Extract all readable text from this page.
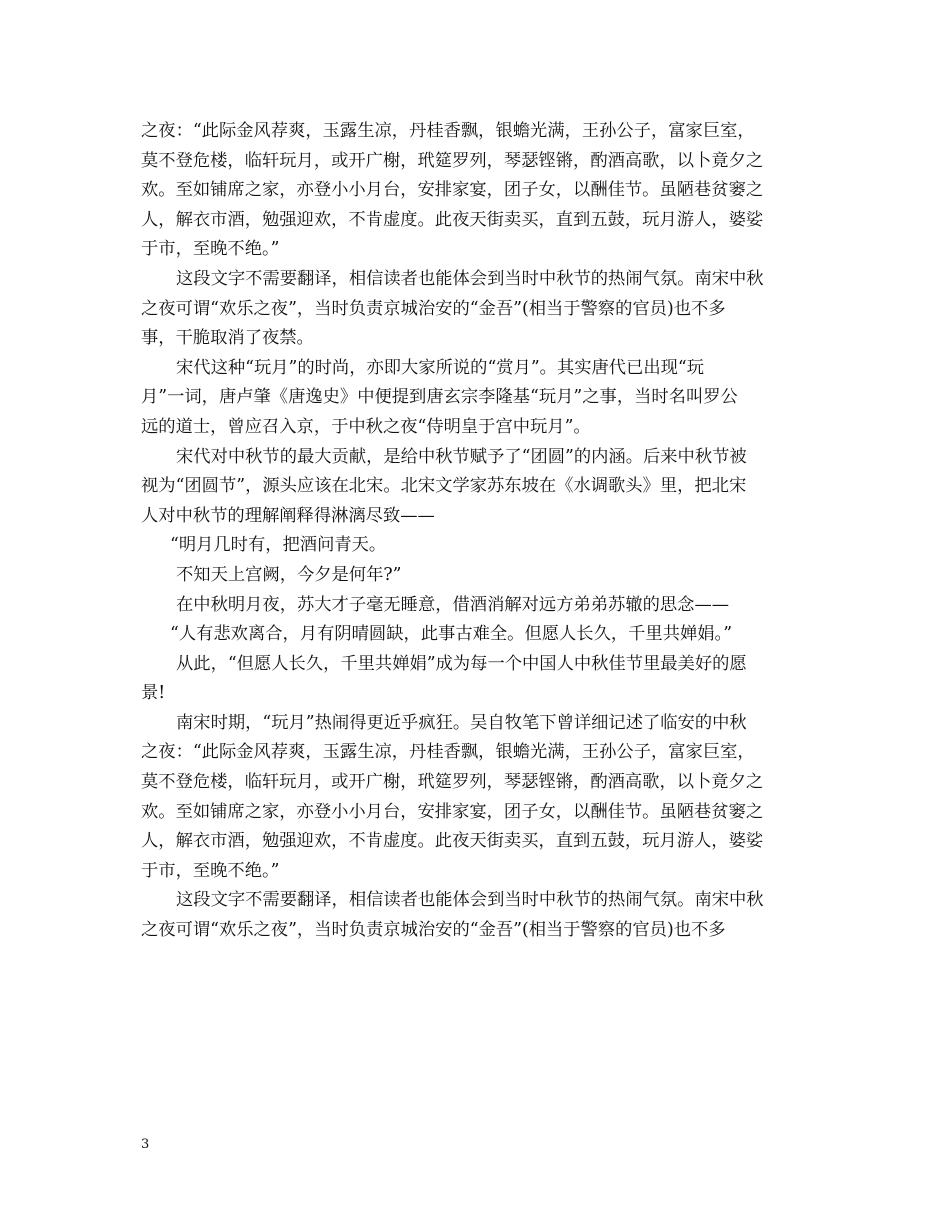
之夜：“此际金风荐爽，玉露生凉，丹桂香飘，银蟾光满，王孙公子，富家巨室，
莫不登危楼，临轩玩月，或开广榭，玳筵罗列，琴瑟铿锵，酌酒高歌，以卜竟夕之
欢。至如铺席之家，亦登小小月台，安排家宴，团子女，以酬佳节。虽陋巷贫窭之
人，解衣市酒，勉强迎欢，不肯虚度。此夜天街卖买，直到五鼓，玩月游人，婆娑
于市，至晚不绝。”
这段文字不需要翻译，相信读者也能体会到当时中秋节的热闹气氛。南宋中秋
之夜可谓“欢乐之夜”，当时负责京城治安的“金吾”(相当于警察的官员)也不多
事，干脆取消了夜禁。
宋代这种“玩月”的时尚，亦即大家所说的“赏月”。其实唐代已出现“玩
月”一词，唐卢肇《唐逸史》中便提到唐玄宗李隆基“玩月”之事，当时名叫罗公
远的道士，曾应召入京，于中秋之夜“侍明皇于宫中玩月”。
宋代对中秋节的最大贡献，是给中秋节赋予了“团圆”的内涵。后来中秋节被
视为“团圆节”，源头应该在北宋。北宋文学家苏东坡在《水调歌头》里，把北宋
人对中秋节的理解阐释得淋漓尽致——
“明月几时有，把酒问青天。
不知天上宫阙，今夕是何年?”
在中秋明月夜，苏大才子毫无睡意，借酒消解对远方弟弟苏辙的思念——
“人有悲欢离合，月有阴晴圆缺，此事古难全。但愿人长久，千里共婵娟。”
从此，“但愿人长久，千里共婵娟”成为每一个中国人中秋佳节里最美好的愿
景!
南宋时期，“玩月”热闹得更近乎疯狂。吴自牧笔下曾详细记述了临安的中秋
之夜：“此际金风荐爽，玉露生凉，丹桂香飘，银蟾光满，王孙公子，富家巨室，
莫不登危楼，临轩玩月，或开广榭，玳筵罗列，琴瑟铿锵，酌酒高歌，以卜竟夕之
欢。至如铺席之家，亦登小小月台，安排家宴，团子女，以酬佳节。虽陋巷贫窭之
人，解衣市酒，勉强迎欢，不肯虚度。此夜天街卖买，直到五鼓，玩月游人，婆娑
于市，至晚不绝。”
这段文字不需要翻译，相信读者也能体会到当时中秋节的热闹气氛。南宋中秋
之夜可谓“欢乐之夜”，当时负责京城治安的“金吾”(相当于警察的官员)也不多
3
